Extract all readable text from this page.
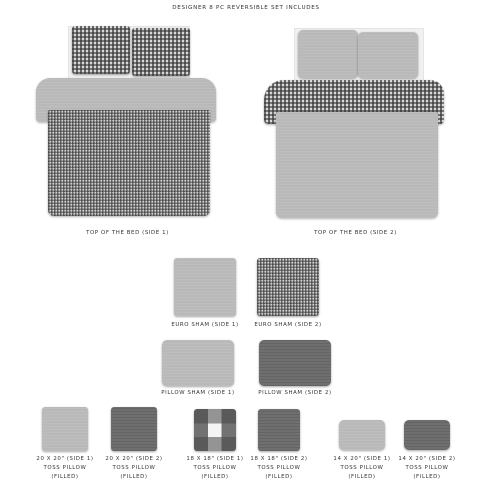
DESIGNER 8 PC REVERSIBLE SET INCLUDES
TOP OF THE BED (SIDE 1)	TOP OF THE BED (SIDE 2)
EURO SHAM (SIDE 1)	EURO SHAM (SIDE 2)
PILLOW SHAM (SIDE 1)	PILLOW SHAM (SIDE 2)
20 X 20" (SIDE 1)
TOSS PILLOW
(FILLED)
20 X 20" (SIDE 2)
TOSS PILLOW
(FILLED)
18 X 18" (SIDE 1)
TOSS PILLOW
(FILLED)
18 X 18" (SIDE 2)
TOSS PILLOW
(FILLED)
14 X 20" (SIDE 1)
TOSS PILLOW
(FILLED)
14 X 20" (SIDE 2)
TOSS PILLOW
(FILLED)
